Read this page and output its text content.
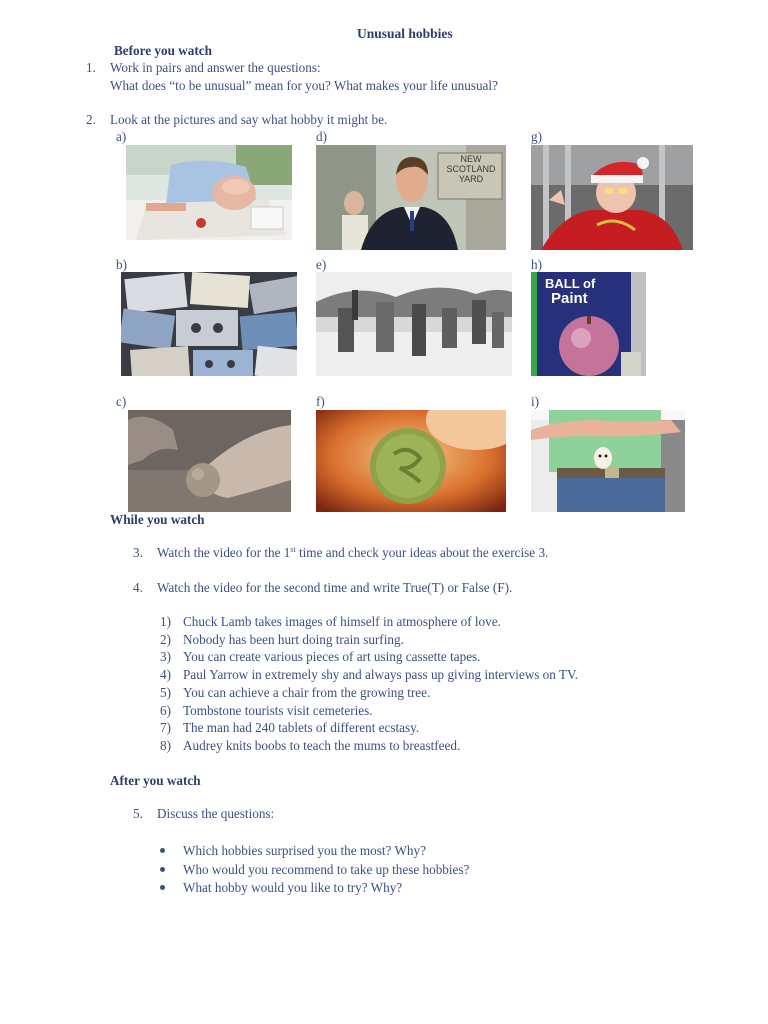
Unusual hobbies
Before you watch
1. Work in pairs and answer the questions:
What does “to be unusual” mean for you? What makes your life unusual?
2. Look at the pictures and say what hobby it might be.
a)
b)
c)
d)
e)
f)
g)
h)
i)
NEW
SCOTLAND
YARD
BALL of
Paint
While you watch
3. Watch the video for the 1st time and check your ideas about the exercise 3.
4. Watch the video for the second time and write True(T) or False (F).
1) Chuck Lamb takes images of himself in atmosphere of love.
2) Nobody has been hurt doing train surfing.
3) You can create various pieces of art using cassette tapes.
4) Paul Yarrow in extremely shy and always pass up giving interviews on TV.
5) You can achieve a chair from the growing tree.
6) Tombstone tourists visit cemeteries.
7) The man had 240 tablets of different ecstasy.
8) Audrey knits boobs to teach the mums to breastfeed.
After you watch
5. Discuss the questions:
Which hobbies surprised you the most? Why?
Who would you recommend to take up these hobbies?
What hobby would you like to try? Why?
